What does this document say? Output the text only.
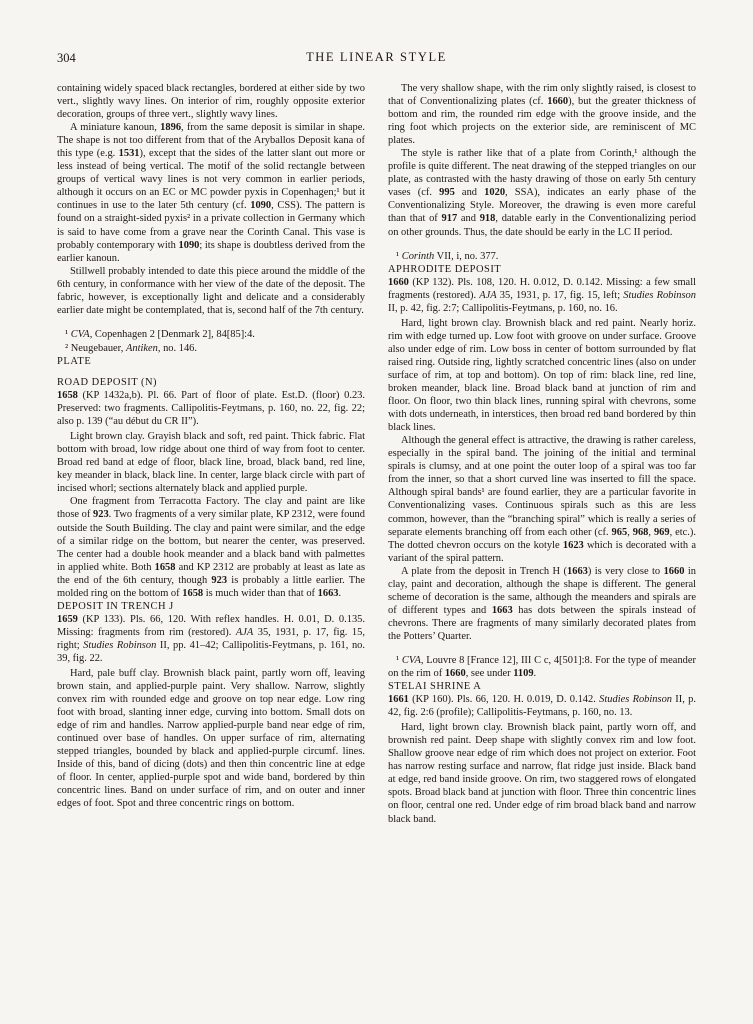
304	THE LINEAR STYLE

containing widely spaced black rectangles, bordered at either side by two vert., slightly wavy lines. On interior of rim, roughly opposite exterior decoration, groups of three vert., slightly wavy lines.

A miniature kanoun, 1896, from the same deposit is similar in shape. The shape is not too different from that of the Aryballos Deposit kana of this type (e.g. 1531), except that the sides of the latter slant out more or less instead of being vertical. The motif of the solid rectangle between groups of vertical wavy lines is not very common in earlier periods, although it occurs on an EC or MC powder pyxis in Copenhagen;¹ but it continues in use to the later 5th century (cf. 1090, CSS). The pattern is found on a straight-sided pyxis² in a private collection in Germany which is said to have come from a grave near the Corinth Canal. This vase is probably contemporary with 1090; its shape is doubtless derived from the earlier kanoun.

Stillwell probably intended to date this piece around the middle of the 6th century, in conformance with her view of the date of the deposit. The fabric, however, is exceptionally light and delicate and a considerably earlier date might be contemplated, that is, second half of the 7th century.

¹ CVA, Copenhagen 2 [Denmark 2], 84[85]:4.

² Neugebauer, Antiken, no. 146.

PLATE

ROAD DEPOSIT (N)

1658 (KP 1432a,b). Pl. 66. Part of floor of plate. Est.D. (floor) 0.23. Preserved: two fragments. Callipolitis-Feytmans, p. 160, no. 22, fig. 22; also p. 139 (“au début du CR II”).

Light brown clay. Grayish black and soft, red paint. Thick fabric. Flat bottom with broad, low ridge about one third of way from foot to center. Broad red band at edge of floor, black line, broad, black band, red line, key meander in black, black line. In center, large black circle with part of incised whorl; sections alternately black and applied purple.

One fragment from Terracotta Factory. The clay and paint are like those of 923. Two fragments of a very similar plate, KP 2312, were found outside the South Building. The clay and paint were similar, and the edge of a similar ridge on the bottom, but nearer the center, was preserved. The center had a double hook meander and a black band with palmettes in applied white. Both 1658 and KP 2312 are probably at least as late as the end of the 6th century, though 923 is probably a little earlier. The molded ring on the bottom of 1658 is much wider than that of 1663.

DEPOSIT IN TRENCH J

1659 (KP 133). Pls. 66, 120. With reflex handles. H. 0.01, D. 0.135. Missing: fragments from rim (restored). AJA 35, 1931, p. 17, fig. 15, right; Studies Robinson II, pp. 41–42; Callipolitis-Feytmans, p. 161, no. 39, fig. 22.

Hard, pale buff clay. Brownish black paint, partly worn off, leaving brown stain, and applied-purple paint. Very shallow. Narrow, slightly convex rim with rounded edge and groove on top near edge. Low ring foot with broad, slanting inner edge, curving into bottom. Small dots on edge of rim and handles. Narrow applied-purple band near edge of rim, continued over base of handles. On upper surface of rim, alternating stepped triangles, bounded by black and applied-purple circumf. lines. Inside of this, band of dicing (dots) and then thin concentric line at edge of floor. In center, applied-purple spot and wide band, bordered by thin concentric lines. Band on under surface of rim, and on outer and inner edges of foot. Spot and three concentric rings on bottom.

The very shallow shape, with the rim only slightly raised, is closest to that of Conventionalizing plates (cf. 1660), but the greater thickness of bottom and rim, the rounded rim edge with the groove inside, and the ring foot which projects on the exterior side, are reminiscent of MC plates.

The style is rather like that of a plate from Corinth,¹ although the profile is quite different. The neat drawing of the stepped triangles on our plate, as contrasted with the hasty drawing of those on early 5th century vases (cf. 995 and 1020, SSA), indicates an early phase of the Conventionalizing Style. Moreover, the drawing is even more careful than that of 917 and 918, datable early in the Conventionalizing period on other grounds. Thus, the date should be early in the LC II period.

¹ Corinth VII, i, no. 377.

APHRODITE DEPOSIT

1660 (KP 132). Pls. 108, 120. H. 0.012, D. 0.142. Missing: a few small fragments (restored). AJA 35, 1931, p. 17, fig. 15, left; Studies Robinson II, p. 42, fig. 2:7; Callipolitis-Feytmans, p. 160, no. 16.

Hard, light brown clay. Brownish black and red paint. Nearly horiz. rim with edge turned up. Low foot with groove on under surface. Groove also under edge of rim. Low boss in center of bottom surrounded by flat raised ring. Outside ring, lightly scratched concentric lines (also on under surface of rim, at top and bottom). On top of rim: black line, red line, broken meander, black line. Broad black band at junction of rim and floor. On floor, two thin black lines, running spiral with chevrons, some with dots underneath, in interstices, then broad red band bordered by thin black lines.

Although the general effect is attractive, the drawing is rather careless, especially in the spiral band. The joining of the initial and terminal spirals is clumsy, and at one point the outer loop of a spiral was too far from the inner, so that a short curved line was inserted to fill the space. Although spiral bands¹ are found earlier, they are a particular favorite in Conventionalizing vases. Continuous spirals such as this are less common, however, than the “branching spiral” which is really a series of separate elements branching off from each other (cf. 965, 968, 969, etc.). The dotted chevron occurs on the kotyle 1623 which is decorated with a variant of the spiral pattern.

A plate from the deposit in Trench H (1663) is very close to 1660 in clay, paint and decoration, although the shape is different. The general scheme of decoration is the same, although the meanders and spirals are of different types and 1663 has dots between the spirals instead of chevrons. There are fragments of many similarly decorated plates from the Potters’ Quarter.

¹ CVA, Louvre 8 [France 12], III C c, 4[501]:8. For the type of meander on the rim of 1660, see under 1109.

STELAI SHRINE A

1661 (KP 160). Pls. 66, 120. H. 0.019, D. 0.142. Studies Robinson II, p. 42, fig. 2:6 (profile); Callipolitis-Feytmans, p. 160, no. 13.

Hard, light brown clay. Brownish black paint, partly worn off, and brownish red paint. Deep shape with slightly convex rim and low foot. Shallow groove near edge of rim which does not project on exterior. Foot has narrow resting surface and narrow, flat ridge just inside. Black band at edge, red band inside groove. On rim, two staggered rows of elongated spots. Broad black band at junction with floor. Three thin concentric lines on floor, central one red. Under edge of rim broad black band and narrow black band.
